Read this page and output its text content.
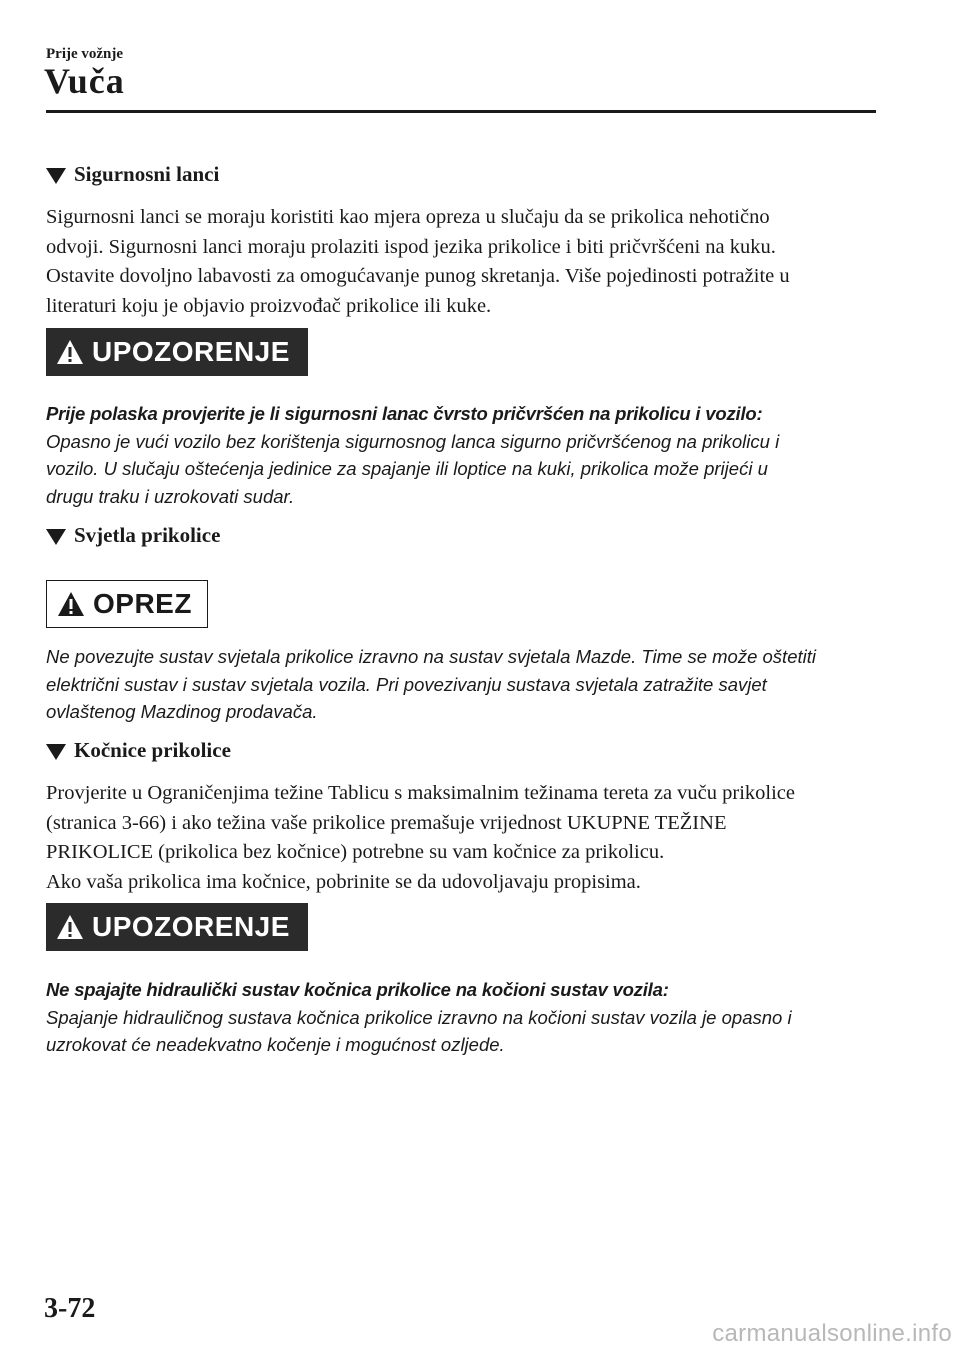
Prije vožnje
Vuča
Sigurnosni lanci

Sigurnosni lanci se moraju koristiti kao mjera opreza u slučaju da se prikolica nehotično

odvoji. Sigurnosni lanci moraju prolaziti ispod jezika prikolice i biti pričvršćeni na kuku.

Ostavite dovoljno labavosti za omogućavanje punog skretanja. Više pojedinosti potražite u

literaturi koju je objavio proizvođač prikolice ili kuke.

UPOZORENJE

Prije polaska provjerite je li sigurnosni lanac čvrsto pričvršćen na prikolicu i vozilo:

Opasno je vući vozilo bez korištenja sigurnosnog lanca sigurno pričvršćenog na prikolicu i

vozilo. U slučaju oštećenja jedinice za spajanje ili loptice na kuki, prikolica može prijeći u

drugu traku i uzrokovati sudar.

Svjetla prikolice
OPREZ

Ne povezujte sustav svjetala prikolice izravno na sustav svjetala Mazde. Time se može oštetiti

električni sustav i sustav svjetala vozila. Pri povezivanju sustava svjetala zatražite savjet

ovlaštenog Mazdinog prodavača.

Kočnice prikolice

Provjerite u Ograničenjima težine Tablicu s maksimalnim težinama tereta za vuču prikolice

(stranica 3-66) i ako težina vaše prikolice premašuje vrijednost UKUPNE TEŽINE

PRIKOLICE (prikolica bez kočnice) potrebne su vam kočnice za prikolicu.

Ako vaša prikolica ima kočnice, pobrinite se da udovoljavaju propisima.

UPOZORENJE

Ne spajajte hidraulički sustav kočnica prikolice na kočioni sustav vozila:

Spajanje hidrauličnog sustava kočnica prikolice izravno na kočioni sustav vozila je opasno i

uzrokovat će neadekvatno kočenje i mogućnost ozljede.

3-72
carmanualsonline.info
